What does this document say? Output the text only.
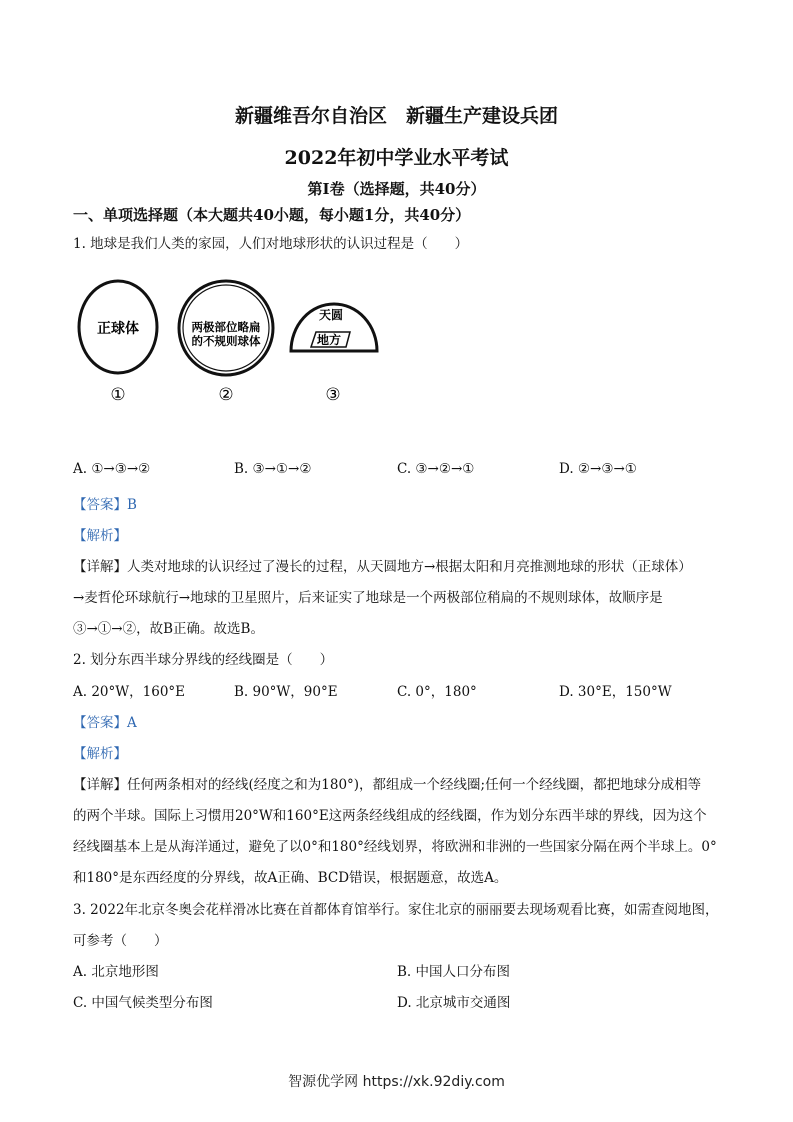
新疆维吾尔自治区　新疆生产建设兵团
2022年初中学业水平考试
第Ⅰ卷（选择题，共40分）
一、单项选择题（本大题共40小题，每小题1分，共40分）
1. 地球是我们人类的家园，人们对地球形状的认识过程是（　　）
正球体	两极部位略扁
的不规则球体
天圆
地方
①	②	③
A. ①→③→②	B. ③→①→②	C. ③→②→①	D. ②→③→①
【答案】B
【解析】
【详解】人类对地球的认识经过了漫长的过程，从天圆地方→根据太阳和月亮推测地球的形状（正球体）
→麦哲伦环球航行→地球的卫星照片，后来证实了地球是一个两极部位稍扁的不规则球体，故顺序是
③→①→②，故B正确。故选B。
2. 划分东西半球分界线的经线圈是（　　）
A. 20°W，160°E	B. 90°W，90°E	C. 0°，180°	D. 30°E，150°W
【答案】A
【解析】
【详解】任何两条相对的经线(经度之和为180°)，都组成一个经线圈;任何一个经线圈，都把地球分成相等
的两个半球。国际上习惯用20°W和160°E这两条经线组成的经线圈，作为划分东西半球的界线，因为这个
经线圈基本上是从海洋通过，避免了以0°和180°经线划界，将欧洲和非洲的一些国家分隔在两个半球上。0°
和180°是东西经度的分界线，故A正确、BCD错误，根据题意，故选A。
3. 2022年北京冬奥会花样滑冰比赛在首都体育馆举行。家住北京的丽丽要去现场观看比赛，如需查阅地图，
可参考（　　）
A. 北京地形图	B. 中国人口分布图
C. 中国气候类型分布图	D. 北京城市交通图
智源优学网 https://xk.92diy.com
